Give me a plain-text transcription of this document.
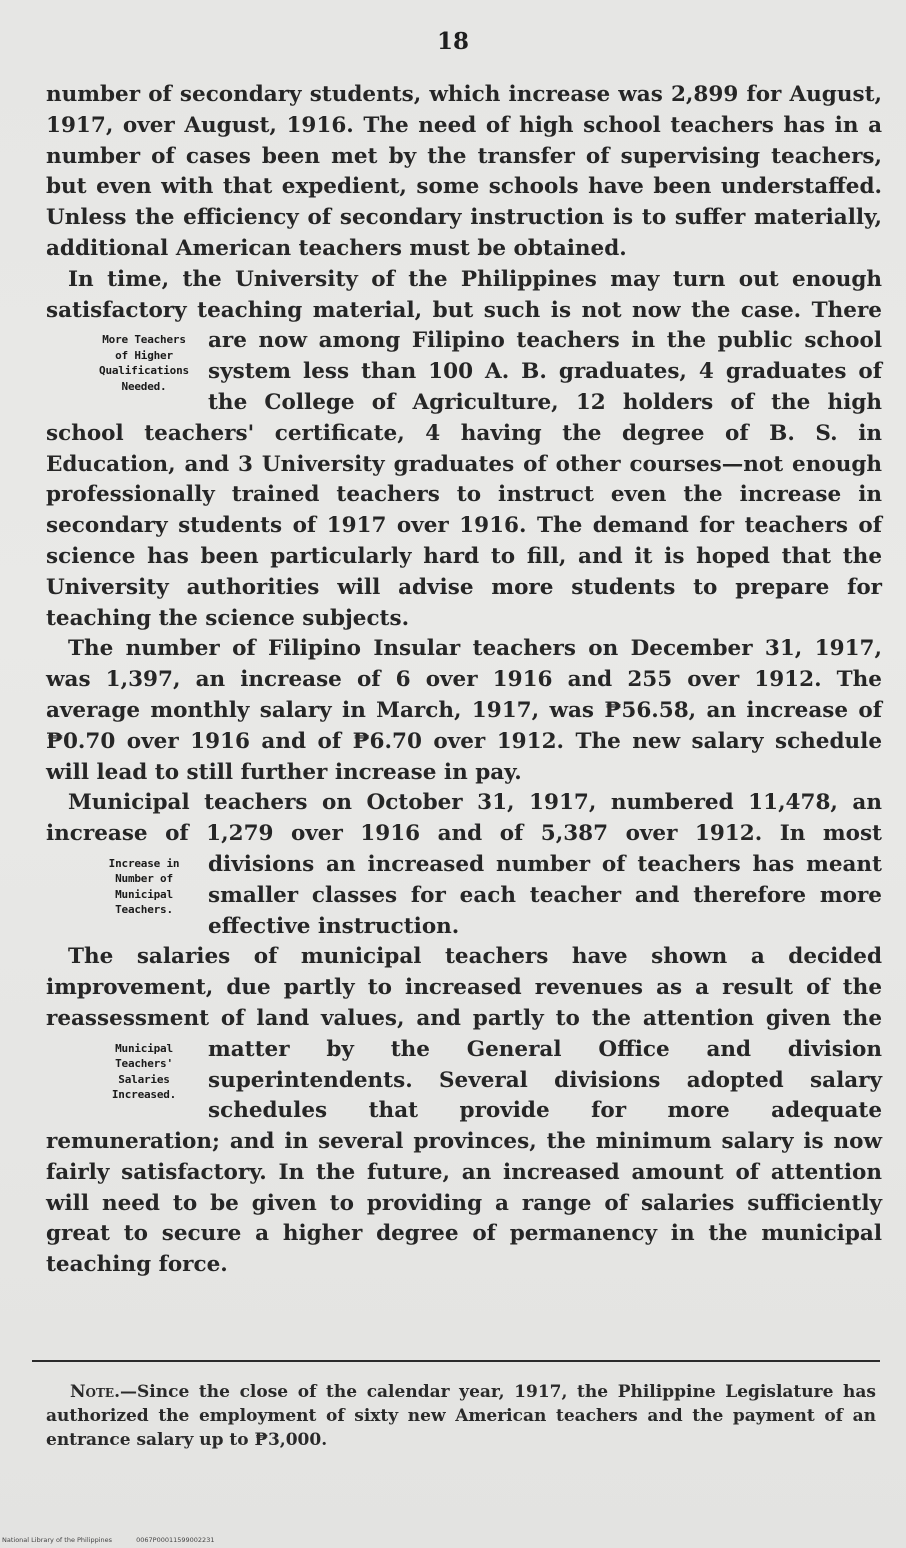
18

number of secondary students, which increase was 2,899 for August, 1917, over August, 1916. The need of high school teachers has in a number of cases been met by the transfer of supervising teachers, but even with that expedient, some schools have been understaffed. Unless the efficiency of secondary instruction is to suffer materially, additional American teachers must be obtained.

In time, the University of the Philippines may turn out enough satisfactory teaching material, but such is not now the case. There are now among Filipino teachers in the public school
More Teachers
of Higher
Qualifications
Needed.
system less than 100 A. B. graduates, 4 graduates of the College of Agriculture, 12 holders of the high school teachers' certificate, 4 having the degree of B. S. in Education, and 3 University graduates of other courses—not enough professionally trained teachers to instruct even the increase in secondary students of 1917 over 1916. The demand for teachers of science has been particularly hard to fill, and it is hoped that the University authorities will advise more students to prepare for teaching the science subjects.

The number of Filipino Insular teachers on December 31, 1917, was 1,397, an increase of 6 over 1916 and 255 over 1912. The average monthly salary in March, 1917, was ₱56.58, an increase of ₱0.70 over 1916 and of ₱6.70 over 1912. The new salary schedule will lead to still further increase in pay.

Municipal teachers on October 31, 1917, numbered 11,478, an increase of 1,279 over 1916 and of 5,387 over 1912. In most
Increase in
Number of
Municipal
Teachers.
divisions an increased number of teachers has meant smaller classes for each teacher and therefore more effective instruction.

The salaries of municipal teachers have shown a decided improvement, due partly to increased revenues as a result of the reassessment of land values, and partly to the attention given
Municipal
Teachers'
Salaries
Increased.
the matter by the General Office and division superintendents. Several divisions adopted salary schedules that provide for more adequate remuneration; and in several provinces, the minimum salary is now fairly satisfactory. In the future, an increased amount of attention will need to be given to providing a range of salaries sufficiently great to secure a higher degree of permanency in the municipal teaching force.

Note.—Since the close of the calendar year, 1917, the Philippine Legislature has authorized the employment of sixty new American teachers and the payment of an entrance salary up to ₱3,000.
National Library of the Philippines	0067P00011599002231
